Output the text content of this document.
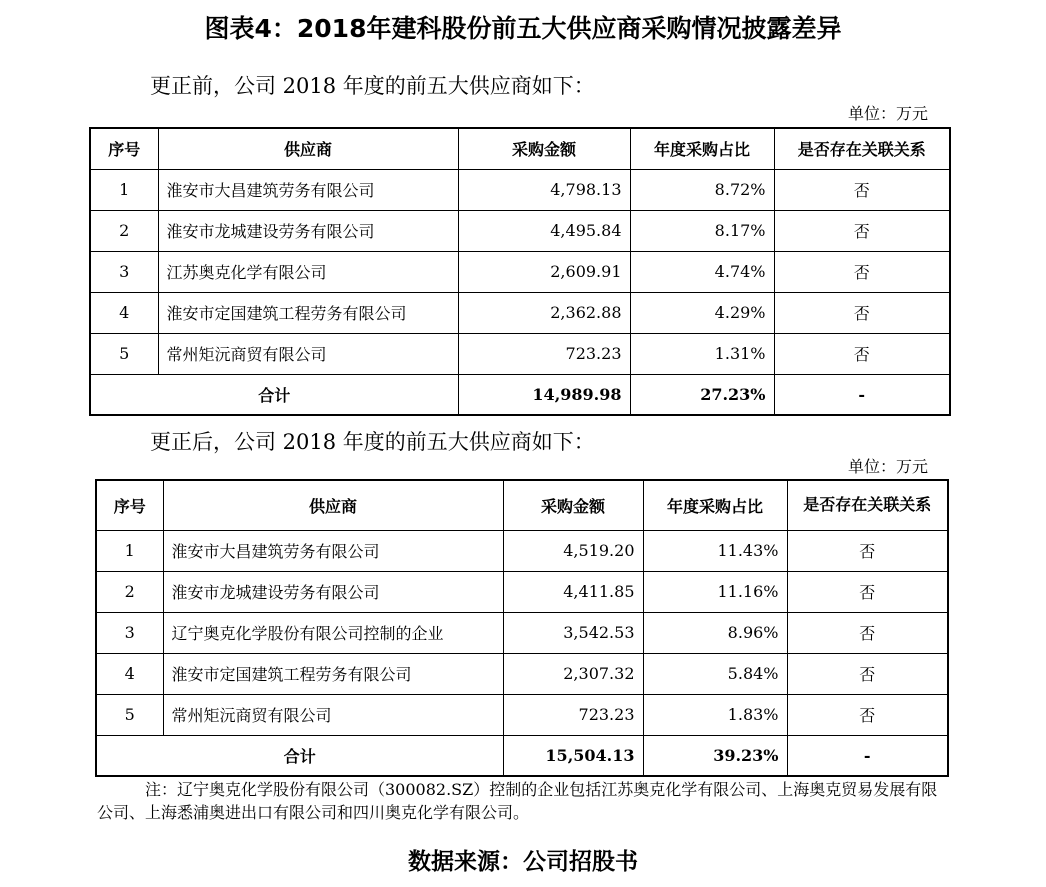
图表4：2018年建科股份前五大供应商采购情况披露差异
更正前，公司 2018 年度的前五大供应商如下：
单位：万元
序号	供应商	采购金额	年度采购占比	是否存在关联关系
1	淮安市大昌建筑劳务有限公司	4,798.13	8.72%	否
2	淮安市龙城建设劳务有限公司	4,495.84	8.17%	否
3	江苏奥克化学有限公司	2,609.91	4.74%	否
4	淮安市定国建筑工程劳务有限公司	2,362.88	4.29%	否
5	常州矩沅商贸有限公司	723.23	1.31%	否
合计		14,989.98	27.23%	-
更正后，公司 2018 年度的前五大供应商如下：
单位：万元
序号	供应商	采购金额	年度采购占比	是否存在关联关系
1	淮安市大昌建筑劳务有限公司	4,519.20	11.43%	否
2	淮安市龙城建设劳务有限公司	4,411.85	11.16%	否
3	辽宁奥克化学股份有限公司控制的企业	3,542.53	8.96%	否
4	淮安市定国建筑工程劳务有限公司	2,307.32	5.84%	否
5	常州矩沅商贸有限公司	723.23	1.83%	否
合计		15,504.13	39.23%	-
注：辽宁奥克化学股份有限公司（300082.SZ）控制的企业包括江苏奥克化学有限公司、上海奥克贸易发展有限公司、上海悉浦奥进出口有限公司和四川奥克化学有限公司。
数据来源：公司招股书
